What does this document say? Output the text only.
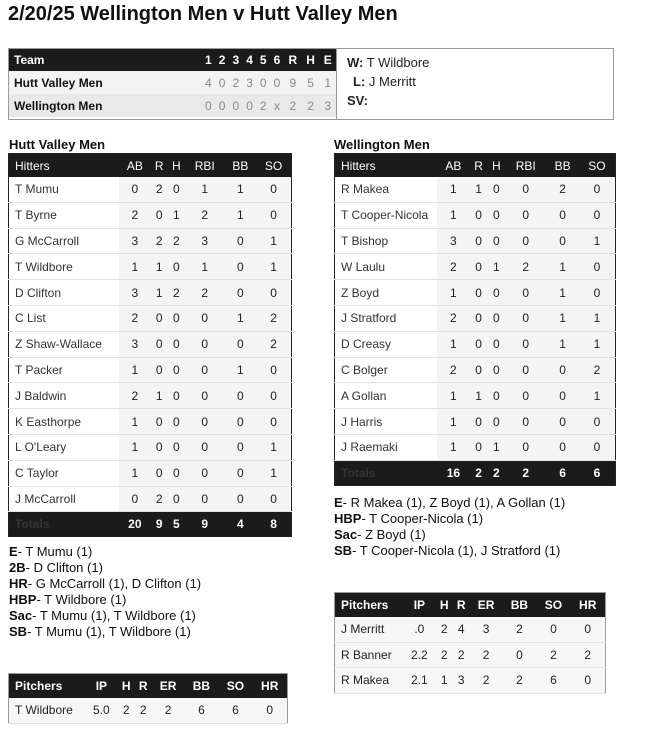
2/20/25 Wellington Men v Hutt Valley Men
Team	1	2	3	4	5	6	R	H	E
Hutt Valley Men	4	0	2	3	0	0	9	5	1
Wellington Men	0	0	0	0	2	x	2	2	3
W: T Wildbore
L: J Merritt
SV:
Hutt Valley Men
Hitters	AB	R	H	RBI	BB	SO
T Mumu	0	2	0	1	1	0
T Byrne	2	0	1	2	1	0
G McCarroll	3	2	2	3	0	1
T Wildbore	1	1	0	1	0	1
D Clifton	3	1	2	2	0	0
C List	2	0	0	0	1	2
Z Shaw-Wallace	3	0	0	0	0	2
T Packer	1	0	0	0	1	0
J Baldwin	2	1	0	0	0	0
K Easthorpe	1	0	0	0	0	0
L O'Leary	1	0	0	0	0	1
C Taylor	1	0	0	0	0	1
J McCarroll	0	2	0	0	0	0
Totals	20	9	5	9	4	8
E- T Mumu (1)
2B- D Clifton (1)
HR- G McCarroll (1), D Clifton (1)
HBP- T Wildbore (1)
Sac- T Mumu (1), T Wildbore (1)
SB- T Mumu (1), T Wildbore (1)
Pitchers	IP	H	R	ER	BB	SO	HR
T Wildbore	5.0	2	2	2	6	6	0
Wellington Men
Hitters	AB	R	H	RBI	BB	SO
R Makea	1	1	0	0	2	0
T Cooper-Nicola	1	0	0	0	0	0
T Bishop	3	0	0	0	0	1
W Laulu	2	0	1	2	1	0
Z Boyd	1	0	0	0	1	0
J Stratford	2	0	0	0	1	1
D Creasy	1	0	0	0	1	1
C Bolger	2	0	0	0	0	2
A Gollan	1	1	0	0	0	1
J Harris	1	0	0	0	0	0
J Raemaki	1	0	1	0	0	0
Totals	16	2	2	2	6	6
E- R Makea (1), Z Boyd (1), A Gollan (1)
HBP- T Cooper-Nicola (1)
Sac- Z Boyd (1)
SB- T Cooper-Nicola (1), J Stratford (1)
Pitchers	IP	H	R	ER	BB	SO	HR
J Merritt	.0	2	4	3	2	0	0
R Banner	2.2	2	2	2	0	2	2
R Makea	2.1	1	3	2	2	6	0
